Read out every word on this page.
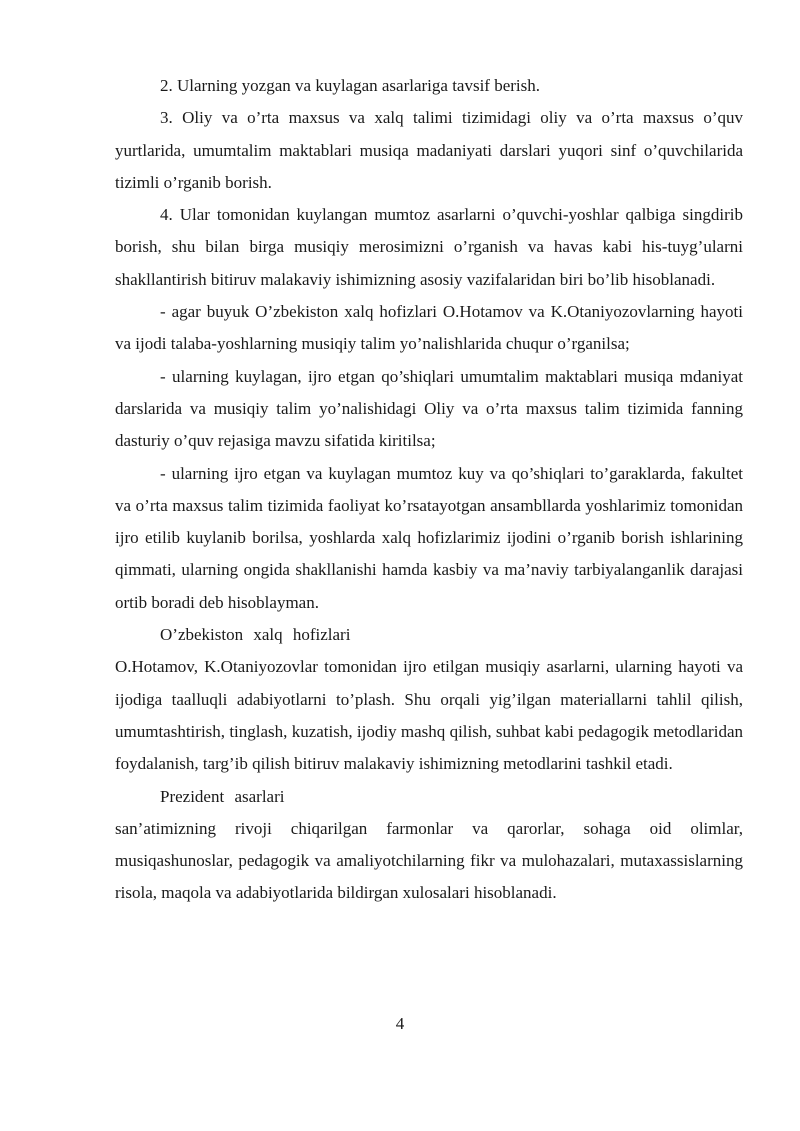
2. Ularning yozgan va kuylagan asarlariga tavsif berish.

3. Oliy va o’rta maxsus va xalq talimi tizimidagi oliy va o’rta maxsus o’quv yurtlarida, umumtalim maktablari musiqa madaniyati darslari yuqori sinf o’quvchilarida tizimli o’rganib borish.

4. Ular tomonidan kuylangan mumtoz asarlarni o’quvchi-yoshlar qalbiga singdirib borish, shu bilan birga musiqiy merosimizni o’rganish va havas kabi his-tuyg’ularni shakllantirish bitiruv malakaviy ishimizning asosiy vazifalaridan biri bo’lib hisoblanadi.

- agar buyuk O’zbekiston xalq hofizlari O.Hotamov va K.Otaniyozovlarning hayoti va ijodi talaba-yoshlarning musiqiy talim yo’nalishlarida chuqur o’rganilsa;

- ularning kuylagan, ijro etgan qo’shiqlari umumtalim maktablari musiqa mdaniyat darslarida va musiqiy talim yo’nalishidagi Oliy va o’rta maxsus talim tizimida fanning dasturiy o’quv rejasiga mavzu sifatida kiritilsa;

- ularning ijro etgan va kuylagan mumtoz kuy va qo’shiqlari to’garaklarda, fakultet va o’rta maxsus talim tizimida faoliyat ko’rsatayotgan ansambllarda yoshlarimiz tomonidan ijro etilib kuylanib borilsa, yoshlarda xalq hofizlarimiz ijodini o’rganib borish ishlarining qimmati, ularning ongida shakllanishi hamda kasbiy va ma’naviy tarbiyalanganlik darajasi ortib boradi deb hisoblayman.

O’zbekiston xalq hofizlari

O.Hotamov, K.Otaniyozovlar tomonidan ijro etilgan musiqiy asarlarni, ularning hayoti va ijodiga taalluqli adabiyotlarni to’plash. Shu orqali yig’ilgan materiallarni tahlil qilish, umumtashtirish, tinglash, kuzatish, ijodiy mashq qilish, suhbat kabi pedagogik metodlaridan foydalanish, targ’ib qilish bitiruv malakaviy ishimizning metodlarini tashkil etadi.

Prezident asarlari

san’atimizning rivoji chiqarilgan farmonlar va qarorlar, sohaga oid olimlar, musiqashunoslar, pedagogik va amaliyotchilarning fikr va mulohazalari, mutaxassislarning risola, maqola va adabiyotlarida bildirgan xulosalari hisoblanadi.

4
